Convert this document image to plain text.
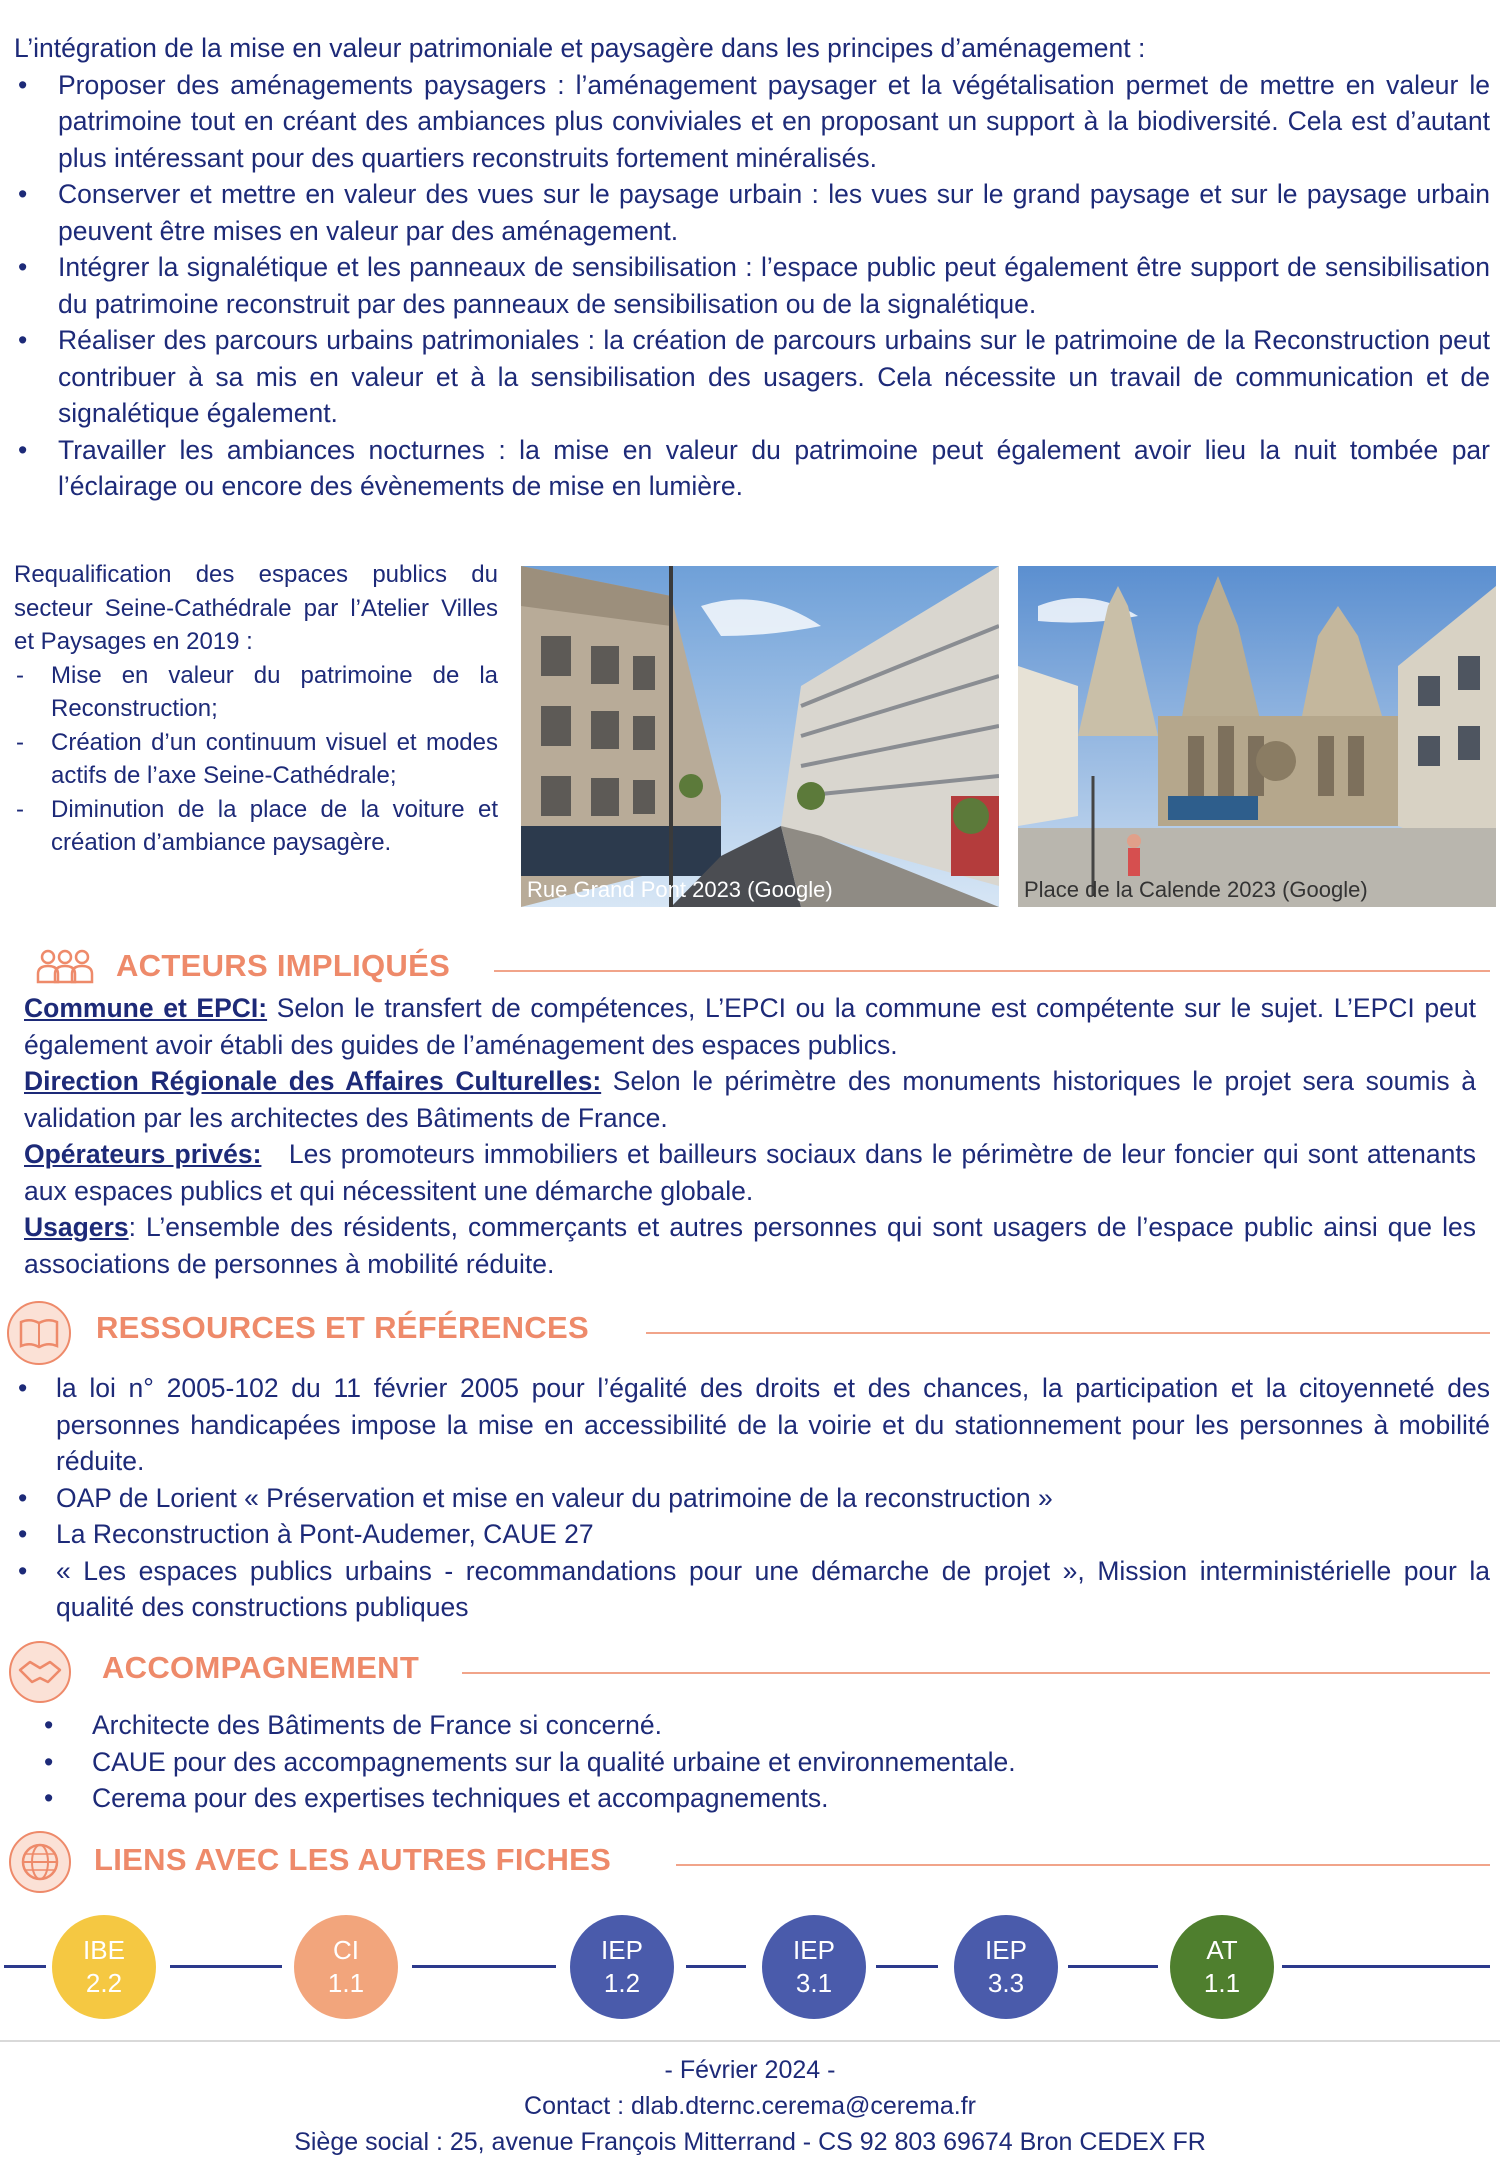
L’intégration de la mise en valeur patrimoniale et paysagère dans les principes d’aménagement :

• Proposer des aménagements paysagers : l’aménagement paysager et la végétalisation permet de mettre en valeur le patrimoine tout en créant des ambiances plus conviviales et en proposant un support à la biodiversité. Cela est d’autant plus intéressant pour des quartiers reconstruits fortement minéralisés.
• Conserver et mettre en valeur des vues sur le paysage urbain : les vues sur le grand paysage et sur le paysage urbain peuvent être mises en valeur par des aménagement.
• Intégrer la signalétique et les panneaux de sensibilisation : l’espace public peut également être support de sensibilisation du patrimoine reconstruit par des panneaux de sensibilisation ou de la signalétique.
• Réaliser des parcours urbains patrimoniales : la création de parcours urbains sur le patrimoine de la Reconstruction peut contribuer à sa mis en valeur et à la sensibilisation des usagers. Cela nécessite un travail de communication et de signalétique également.
• Travailler les ambiances nocturnes : la mise en valeur du patrimoine peut également avoir lieu la nuit tombée par l’éclairage ou encore des évènements de mise en lumière.

Requalification des espaces publics du secteur Seine-Cathédrale par l’Atelier Villes et Paysages en 2019 :

- Mise en valeur du patrimoine de la Reconstruction;
- Création d’un continuum visuel et modes actifs de l’axe Seine-Cathédrale;
- Diminution de la place de la voiture et création d’ambiance paysagère.
Rue Grand Pont 2023 (Google)	Place de la Calende 2023 (Google)
ACTEURS IMPLIQUÉS

Commune et EPCI: Selon le transfert de compétences, L’EPCI ou la commune est compétente sur le sujet. L’EPCI peut également avoir établi des guides de l’aménagement des espaces publics.

Direction Régionale des Affaires Culturelles: Selon le périmètre des monuments historiques le projet sera soumis à validation par les architectes des Bâtiments de France.

Opérateurs privés:   Les promoteurs immobiliers et bailleurs sociaux dans le périmètre de leur foncier qui sont attenants aux espaces publics et qui nécessitent une démarche globale.

Usagers: L’ensemble des résidents, commerçants et autres personnes qui sont usagers de l’espace public ainsi que les associations de personnes à mobilité réduite.

RESSOURCES ET RÉFÉRENCES
• la loi n° 2005-102 du 11 février 2005 pour l’égalité des droits et des chances, la participation et la citoyenneté des personnes handicapées impose la mise en accessibilité de la voirie et du stationnement pour les personnes à mobilité réduite.
• OAP de Lorient « Préservation et mise en valeur du patrimoine de la reconstruction »
• La Reconstruction à Pont-Audemer, CAUE 27
• « Les espaces publics urbains - recommandations pour une démarche de projet », Mission interministérielle pour la qualité des constructions publiques
ACCOMPAGNEMENT
• Architecte des Bâtiments de France si concerné.
• CAUE pour des accompagnements sur la qualité urbaine et environnementale.
• Cerema pour des expertises techniques et accompagnements.
LIENS AVEC LES AUTRES FICHES
IBE
2.2
CI
1.1
IEP
1.2
IEP
3.1
IEP
3.3
AT
1.1
- Février 2024 -
Contact : dlab.dternc.cerema@cerema.fr
Siège social : 25, avenue François Mitterrand - CS 92 803 69674 Bron CEDEX FR
